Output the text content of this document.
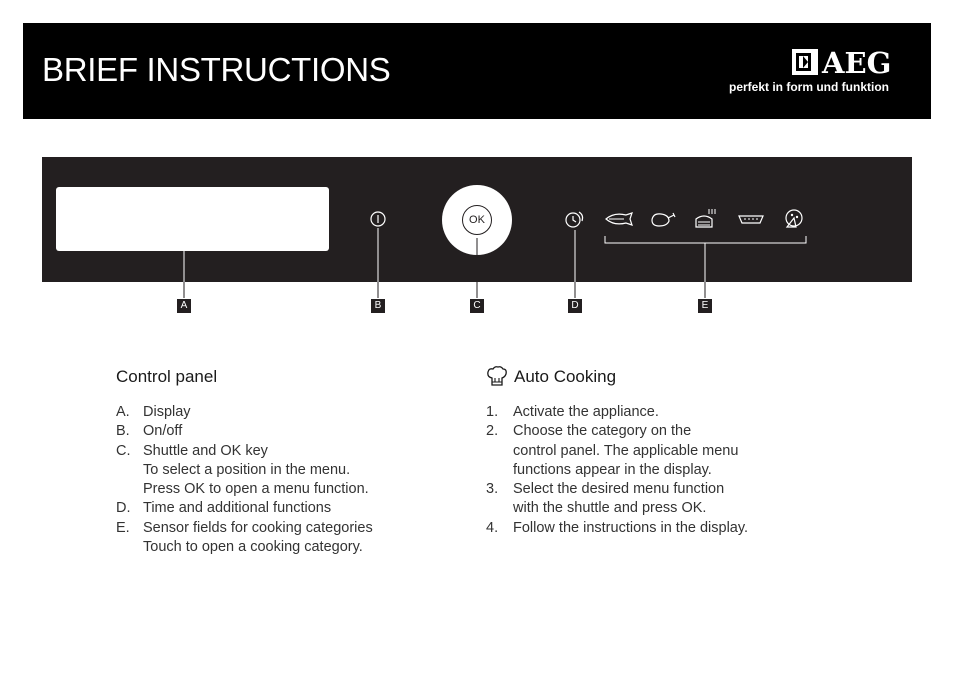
BRIEF INSTRUCTIONS	AEG
perfekt in form und funktion
OK
A	B	C	D	E
Control panel
A. Display
B. On/off
C. Shuttle and OK key
To select a position in the menu.
Press OK to open a menu function.
D. Time and additional functions
E. Sensor fields for cooking categories
Touch to open a cooking category.
Auto Cooking
1.	Activate the appliance.
2.	Choose the category on the
control panel. The applicable menu
functions appear in the display.
3.	Select the desired menu function
with the shuttle and press OK.
4.	Follow the instructions in the display.
